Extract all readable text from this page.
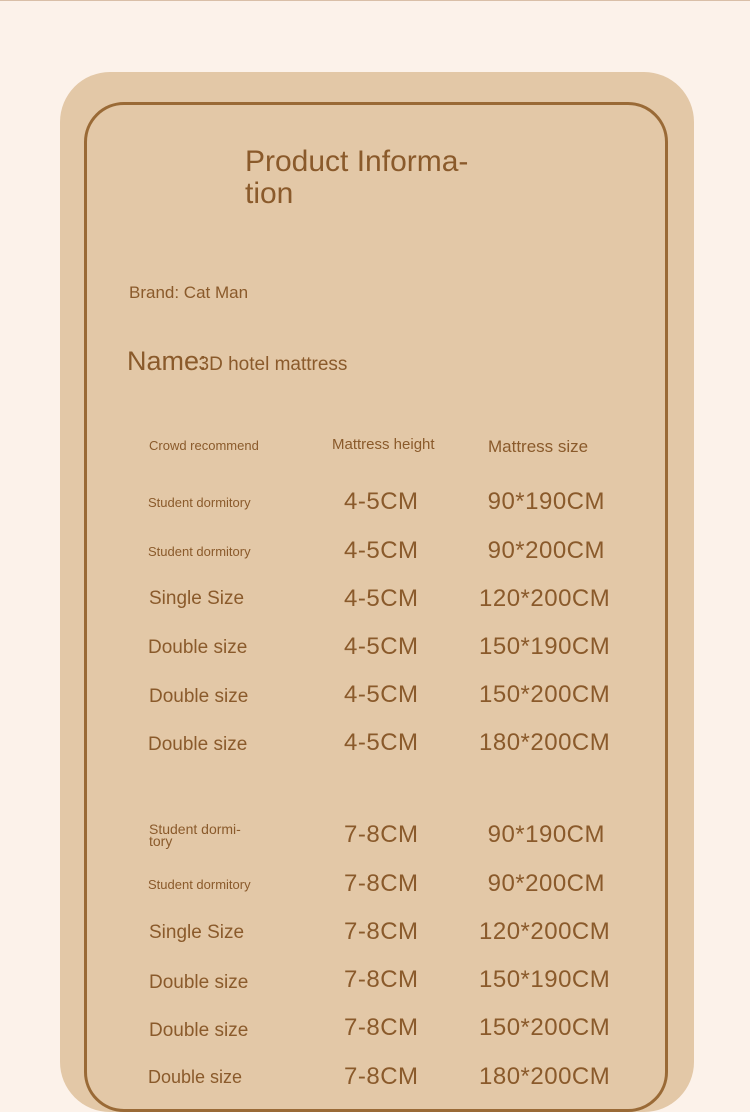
Product Informa-
tion
Brand: Cat Man
Name:3D hotel mattress
Crowd recommend	Mattress height	Mattress size
Student dormitory	4-5CM	90*190CM
Student dormitory	4-5CM	90*200CM
Single Size	4-5CM	120*200CM
Double size	4-5CM	150*190CM
Double size	4-5CM	150*200CM
Double size	4-5CM	180*200CM
Student dormi-
tory	7-8CM	90*190CM
Student dormitory	7-8CM	90*200CM
Single Size	7-8CM	120*200CM
Double size	7-8CM	150*190CM
Double size	7-8CM	150*200CM
Double size	7-8CM	180*200CM
